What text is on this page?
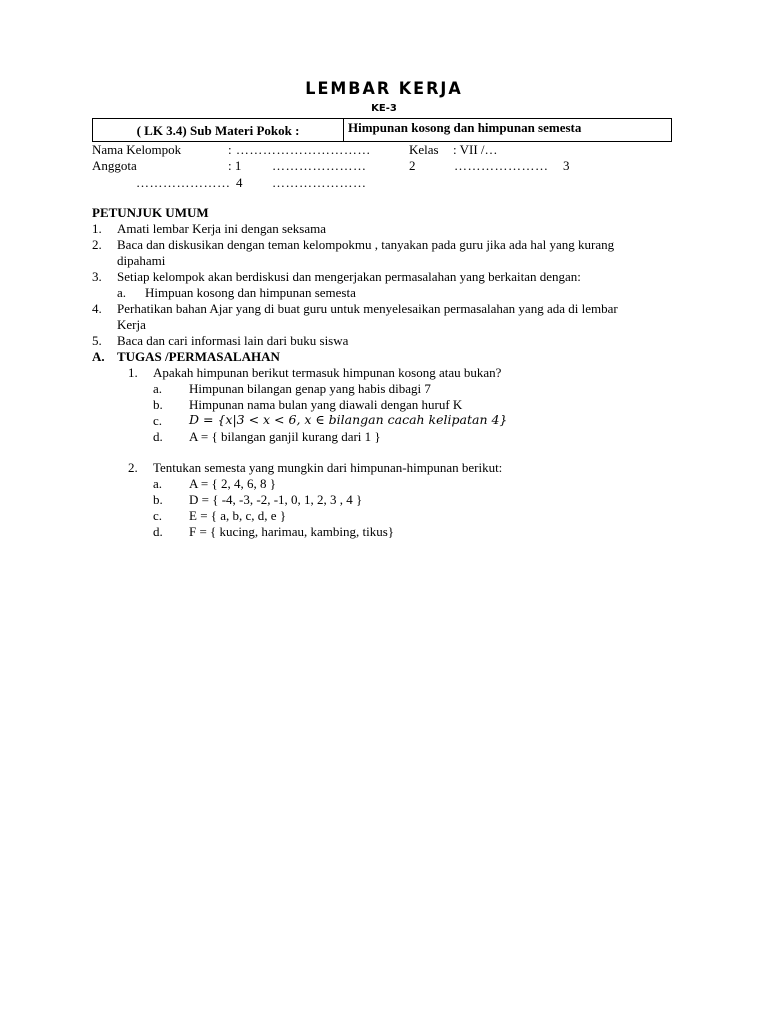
LEMBAR KERJA
KE-3
( LK 3.4) Sub Materi Pokok :	Himpunan kosong dan himpunan semesta
Nama Kelompok	: …………………………	Kelas : VII /…
Anggota	: 1 …………………	2	………………… 3
………………… 4 …………………
PETUNJUK UMUM
1. Amati lembar Kerja ini dengan seksama
2. Baca dan diskusikan dengan teman kelompokmu , tanyakan pada guru jika ada hal yang kurang
dipahami
3. Setiap kelompok akan berdiskusi dan mengerjakan permasalahan yang berkaitan dengan:
a. Himpuan kosong dan himpunan semesta
4. Perhatikan bahan Ajar yang di buat guru untuk menyelesaikan permasalahan yang ada di lembar
Kerja
5. Baca dan cari informasi lain dari buku siswa
A. TUGAS /PERMASALAHAN
1. Apakah himpunan berikut termasuk himpunan kosong atau bukan?
a. Himpunan bilangan genap yang habis dibagi 7
b. Himpunan nama bulan yang diawali dengan huruf K
c. D = {x|3 < x < 6, x ∈ bilangan cacah kelipatan 4}
d. A = { bilangan ganjil kurang dari 1 }
2. Tentukan semesta yang mungkin dari himpunan-himpunan berikut:
a. A = { 2, 4, 6, 8 }
b. D = { -4, -3, -2, -1, 0, 1, 2, 3 , 4 }
c. E = { a, b, c, d, e }
d. F = { kucing, harimau, kambing, tikus}
